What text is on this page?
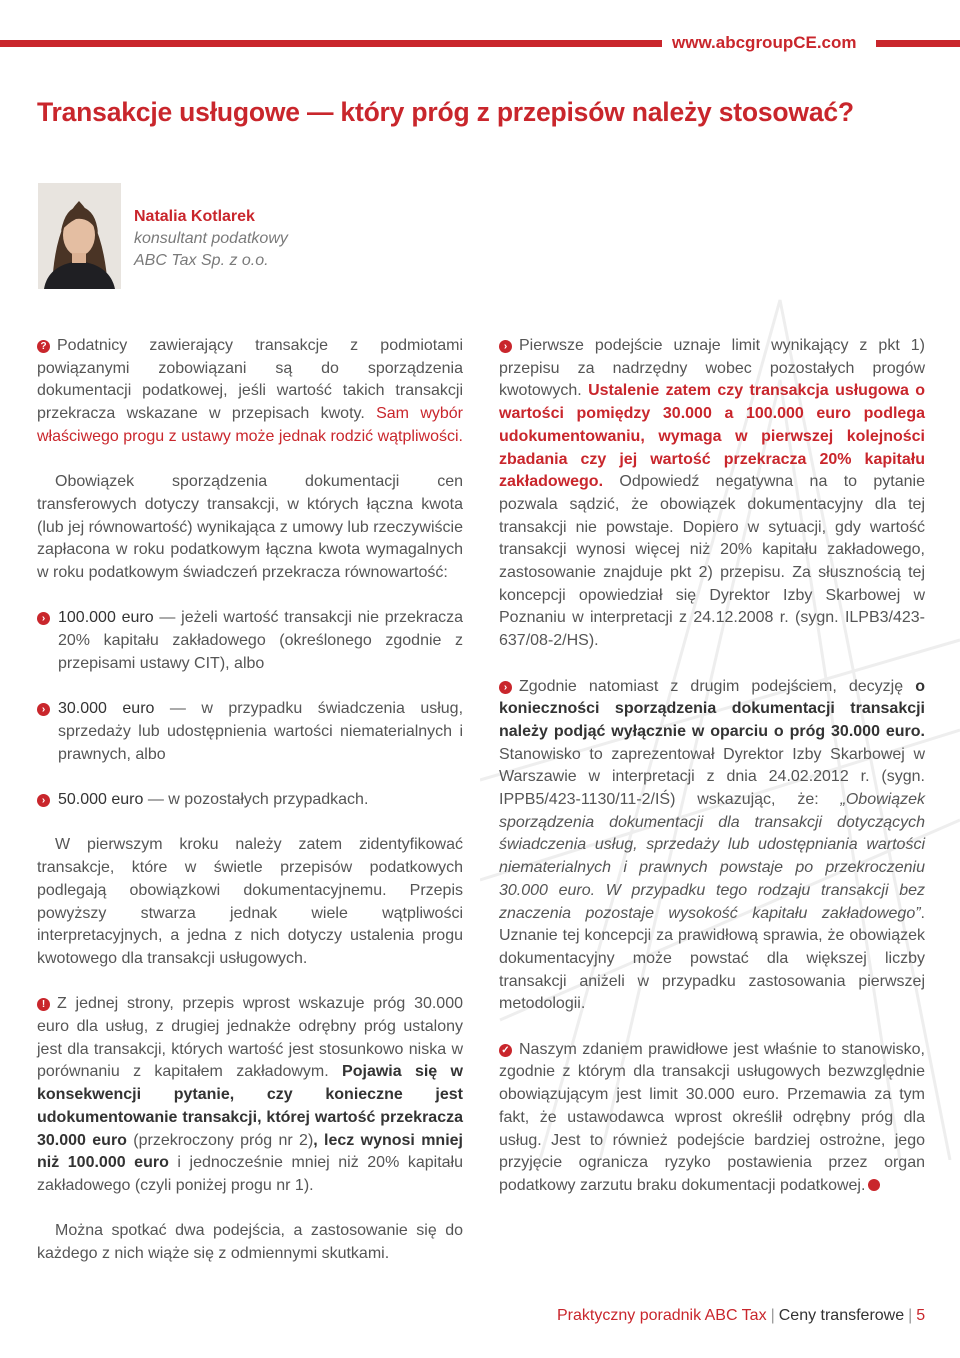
www.abcgroupCE.com
Transakcje usługowe — który próg z przepisów należy stosować?
Natalia Kotlarek
konsultant podatkowy
ABC Tax Sp. z o.o.

? Podatnicy zawierający transakcje z podmiotami powiązanymi zobowiązani są do sporządzenia dokumentacji podatkowej, jeśli wartość takich transakcji przekracza wskazane w przepisach kwoty. Sam wybór właściwego progu z ustawy może jednak rodzić wątpliwości.

Obowiązek sporządzenia dokumentacji cen transferowych dotyczy transakcji, w których łączna kwota (lub jej równowartość) wynikająca z umowy lub rzeczywiście zapłacona w roku podatkowym łączna kwota wymagalnych w roku podatkowym świadczeń przekracza równowartość:

› 100.000 euro — jeżeli wartość transakcji nie przekracza 20% kapitału zakładowego (określonego zgodnie z przepisami ustawy CIT), albo

› 30.000 euro — w przypadku świadczenia usług, sprzedaży lub udostępnienia wartości niematerialnych i prawnych, albo

› 50.000 euro — w pozostałych przypadkach.

W pierwszym kroku należy zatem zidentyfikować transakcje, które w świetle przepisów podatkowych podlegają obowiązkowi dokumentacyjnemu. Przepis powyższy stwarza jednak wiele wątpliwości interpretacyjnych, a jedna z nich dotyczy ustalenia progu kwotowego dla transakcji usługowych.

! Z jednej strony, przepis wprost wskazuje próg 30.000 euro dla usług, z drugiej jednakże odrębny próg ustalony jest dla transakcji, których wartość jest stosunkowo niska w porównaniu z kapitałem zakładowym. Pojawia się w konsekwencji pytanie, czy konieczne jest udokumentowanie transakcji, której wartość przekracza 30.000 euro (przekroczony próg nr 2), lecz wynosi mniej niż 100.000 euro i jednocześnie mniej niż 20% kapitału zakładowego (czyli poniżej progu nr 1).

Można spotkać dwa podejścia, a zastosowanie się do każdego z nich wiąże się z odmiennymi skutkami.

› Pierwsze podejście uznaje limit wynikający z pkt 1) przepisu za nadrzędny wobec pozostałych progów kwotowych. Ustalenie zatem czy transakcja usługowa o wartości pomiędzy 30.000 a 100.000 euro podlega udokumentowaniu, wymaga w pierwszej kolejności zbadania czy jej wartość przekracza 20% kapitału zakładowego. Odpowiedź negatywna na to pytanie pozwala sądzić, że obowiązek dokumentacyjny dla tej transakcji nie powstaje. Dopiero w sytuacji, gdy wartość transakcji wynosi więcej niż 20% kapitału zakładowego, zastosowanie znajduje pkt 2) przepisu. Za słusznością tej koncepcji opowiedział się Dyrektor Izby Skarbowej w Poznaniu w interpretacji z 24.12.2008 r. (sygn. ILPB3/423-637/08-2/HS).

› Zgodnie natomiast z drugim podejściem, decyzję o konieczności sporządzenia dokumentacji transakcji należy podjąć wyłącznie w oparciu o próg 30.000 euro. Stanowisko to zaprezentował Dyrektor Izby Skarbowej w Warszawie w interpretacji z dnia 24.02.2012 r. (sygn. IPPB5/423-1130/11-2/IŚ) wskazując, że: „Obowiązek sporządzenia dokumentacji dla transakcji dotyczących świadczenia usług, sprzedaży lub udostępniania wartości niematerialnych i prawnych powstaje po przekroczeniu 30.000 euro. W przypadku tego rodzaju transakcji bez znaczenia pozostaje wysokość kapitału zakładowego”. Uznanie tej koncepcji za prawidłową sprawia, że obowiązek dokumentacyjny może powstać dla większej liczby transakcji aniżeli w przypadku zastosowania pierwszej metodologii.

✓ Naszym zdaniem prawidłowe jest właśnie to stanowisko, zgodnie z którym dla transakcji usługowych bezwzględnie obowiązującym jest limit 30.000 euro. Przemawia za tym fakt, że ustawodawca wprost określił odrębny próg dla usług. Jest to również podejście bardziej ostrożne, jego przyjęcie ogranicza ryzyko postawienia przez organ podatkowy zarzutu braku dokumentacji podatkowej.

Praktyczny poradnik ABC Tax | Ceny transferowe | 5
